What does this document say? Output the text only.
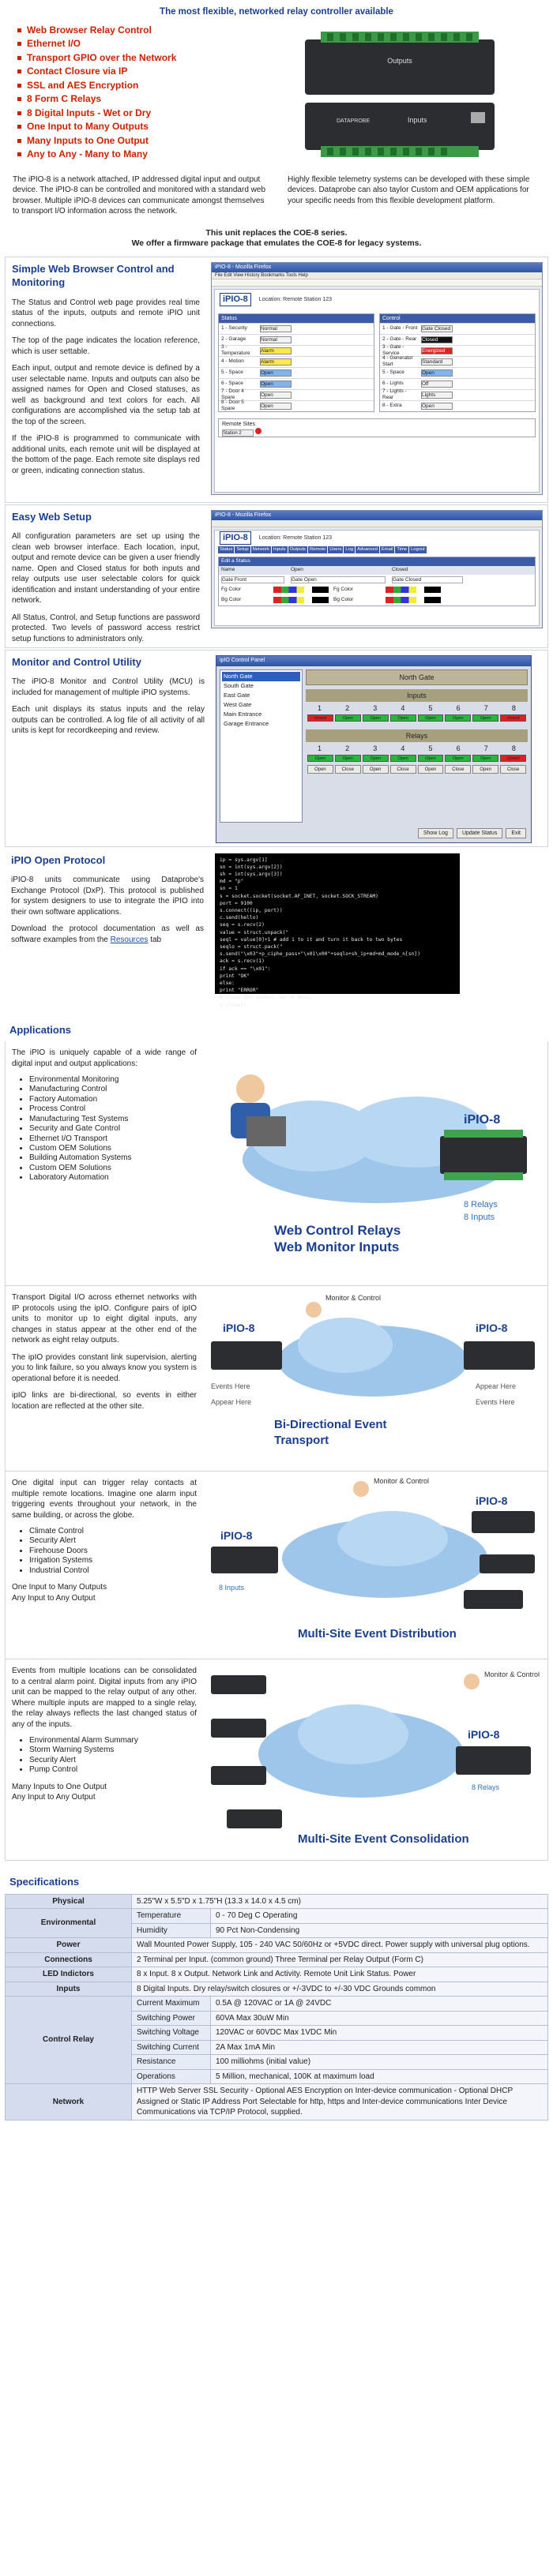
The most flexible, networked relay controller available
Web Browser Relay Control
Ethernet I/O
Transport GPIO over the Network
Contact Closure via IP
SSL and AES Encryption
8 Form C Relays
8 Digital Inputs - Wet or Dry
One Input to Many Outputs
Many Inputs to One Output
Any to Any - Many to Many
Outputs
DATAPROBE	Inputs

The iPIO-8 is a network attached, IP addressed digital input and output device. The iPIO-8 can be controlled and monitored with a standard web browser. Multiple iPIO-8 devices can communicate amongst themselves to transport I/O information across the network.

Highly flexible telemetry systems can be developed with these simple devices. Dataprobe can also taylor Custom and OEM applications for your specific needs from this flexible development platform.

This unit replaces the COE-8 series.
We offer a firmware package that emulates the COE-8 for legacy systems.
Simple Web Browser Control and Monitoring

The Status and Control web page provides real time status of the inputs, outputs and remote iPIO unit connections.

The top of the page indicates the location reference, which is user settable.

Each input, output and remote device is defined by a user selectable name. Inputs and outputs can also be assigned names for Open and Closed statuses, as well as background and text colors for each. All configurations are accomplished via the setup tab at the top of the screen.

If the iPIO-8 is programmed to communicate with additional units, each remote unit will be displayed at the bottom of the page. Each remote site displays red or green, indicating connection status.

iPIO-8 - Mozilla Firefox
File Edit View History Bookmarks Tools Help
iPIO-8	Location: Remote Station 123
Status
1 - Security	Normal
2 - Garage	Normal
3 - Temperature	Alarm
4 - Motion	Alarm
5 - Space	Open
6 - Space	Open
7 - Door 4 Spare	Open
8 - Door 5 Spare	Open
Control
1 - Gate - Front Gate Closed
2 - Gate - Rear Closed
3 - Gate - Service	Energized
4 - Generator Start	Standard
5 - Space	Open
6 - Lights	Off
7 - Lights - Rear	Lights
8 - Extra	Open
Remote Sites
Station 2
Easy Web Setup

All configuration parameters are set up using the clean web browser interface. Each location, input, output and remote device can be given a user friendly name. Open and Closed status for both inputs and relay outputs use user selectable colors for quick identification and instant understanding of your entire network.

All Status, Control, and Setup functions are password protected. Two levels of password access restrict setup functions to administrators only.

iPIO-8 - Mozilla Firefox
iPIO-8	Location: Remote Station 123
Status Setup Network Inputs Outputs Remote Users Log Advanced Email Time Logout
Edit a Status
Name	Open	Closed
Gate Front	Gate Open	Gate Closed
Fg Color	Fg Color
Bg Color	Bg Color
Monitor and Control Utility

The iPIO-8 Monitor and Control Utility (MCU) is included for management of multiple iPIO systems.

Each unit displays its status inputs and the relay outputs can be controlled. A log file of all activity of all units is kept for recordkeeping and review.

ipIO Control Panel
North Gate
South Gate
East Gate
West Gate
Main Entrance
Garage Entrance
North Gate
Inputs
1	2	3	4	5	6	7	8
closed	Open	Open	Open	Open	Open	Open	closed
Relays
1	2	3	4	5	6	7	8
Open	Open	Open	Open	Open	Open	Open	closed
Open	Close	Open	Close	Open	Close	Open	Close
Show Log	Update Status	Exit
iPIO Open Protocol

iPIO-8 units communicate using Dataprobe's Exchange Protocol (DxP). This protocol is published for system designers to use to integrate the iPIO into their own software applications.

Download the protocol documentation as well as software examples from the Resources tab

ip = sys.argv[1]
sn = int(sys.argv[2])
sh = int(sys.argv[3])
md = "p"
sn = 1
s = socket.socket(socket.AF_INET, socket.SOCK_STREAM)
port = 9100
s.connect((ip, port))
c.send(hello)
seq = s.recv(2)
value = struct.unpack("
seql = value[0]+1 # add 1 to it and turn it back to two bytes
seqlo = struct.pack("
s.send("\x03"+p_ciphe_pass+"\x01\x00"+seqlo+sh_ip+md+md_mode_n[sn])
ack = s.recv(1)
if ack == "\x01":
print "OK"
else:
print "ERROR"
# close the socket, we're done.
s.close()
Applications

The iPIO is uniquely capable of a wide range of digital input and output applications:

• Environmental Monitoring
• Manufacturing Control
• Factory Automation
• Process Control
• Manufacturing Test Systems
• Security and Gate Control
• Ethernet I/O Transport
• Custom OEM Solutions
• Building Automation Systems
• Custom OEM Solutions
• Laboratory Automation
iPIO-8
Web Control Relays
Web Monitor Inputs
8 Relays
8 Inputs

Transport Digital I/O across ethernet networks with IP protocols using the ipIO. Configure pairs of ipIO units to monitor up to eight digital inputs, any changes in status appear at the other end of the network as eight relay outputs.

The ipIO provides constant link supervision, alerting you to link failure, so you always know you system is operational before it is needed.

ipIO links are bi-directional, so events in either location are reflected at the other site.

Monitor & Control
iPIO-8	iPIO-8
Events Here
Appear Here
Appear Here
Events Here
Bi-Directional Event
Transport

One digital input can trigger relay contacts at multiple remote locations. Imagine one alarm input triggering events throughout your network, in the same building, or across the globe.

• Climate Control
• Security Alert
• Firehouse Doors
• Irrigation Systems
• Industrial Control
One Input to Many Outputs
Any Input to Any Output
Monitor & Control
iPIO-8
8 Inputs
iPIO-8
Multi-Site Event Distribution

Events from multiple locations can be consolidated to a central alarm point. Digital inputs from any iPIO unit can be mapped to the relay output of any other. Where multiple inputs are mapped to a single relay, the relay always reflects the last changed status of any of the inputs.

• Environmental Alarm Summary
• Storm Warning Systems
• Security Alert
• Pump Control
Many Inputs to One Output
Any Input to Any Output
Monitor & Control
iPIO-8
8 Relays
Multi-Site Event Consolidation
Specifications
Physical	5.25"W x 5.5"D x 1.75"H (13.3 x 14.0 x 4.5 cm)	
Environmental	Temperature	0 - 70 Deg C Operating
	Humidity	90 Pct Non-Condensing
Power	Wall Mounted Power Supply, 105 - 240 VAC 50/60Hz or +5VDC direct. Power supply with universal plug options.	
Connections	2 Terminal per Input. (common ground) Three Terminal per Relay Output (Form C)	
LED Indictors	8 x Input. 8 x Output. Network Link and Activity. Remote Unit Link Status. Power	
Inputs	8 Digital Inputs. Dry relay/switch closures or +/-3VDC to +/-30 VDC Grounds common	
Control Relay	Current Maximum	0.5A @ 120VAC or 1A @ 24VDC
	Switching Power	60VA Max 30uW Min
	Switching Voltage	120VAC or 60VDC Max 1VDC Min
	Switching Current	2A Max 1mA Min
	Resistance	100 milliohms (initial value)
	Operations	5 Million, mechanical, 100K at maximum load
Network	HTTP Web Server SSL Security - Optional AES Encryption on Inter-device communication - Optional DHCP Assigned or Static IP Address Port Selectable for http, https and Inter-device communications Inter Device Communications via TCP/IP Protocol, supplied.	
